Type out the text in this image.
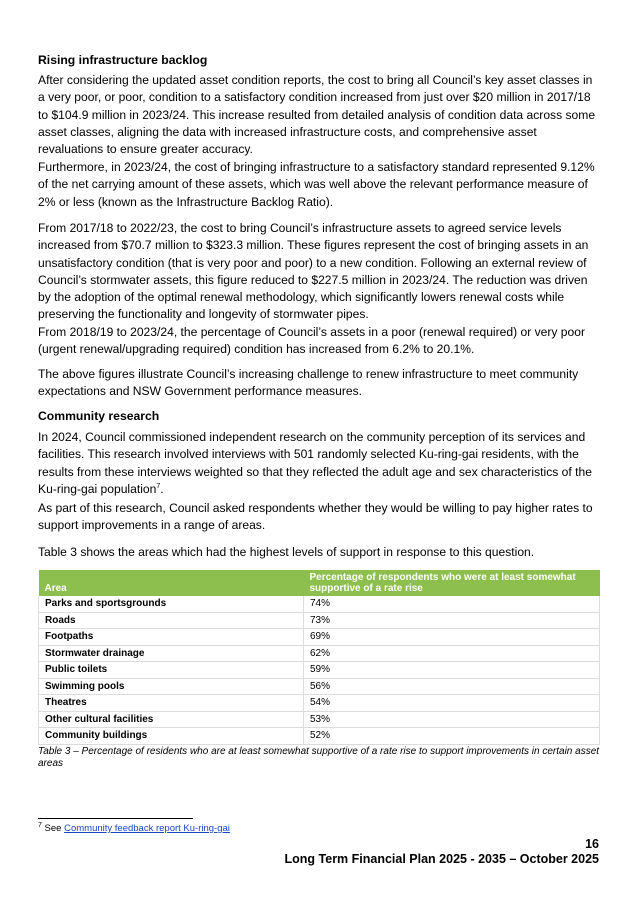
Rising infrastructure backlog

After considering the updated asset condition reports, the cost to bring all Council’s key asset classes in a very poor, or poor, condition to a satisfactory condition increased from just over $20 million in 2017/18 to $104.9 million in 2023/24. This increase resulted from detailed analysis of condition data across some asset classes, aligning the data with increased infrastructure costs, and comprehensive asset revaluations to ensure greater accuracy.

Furthermore, in 2023/24, the cost of bringing infrastructure to a satisfactory standard represented 9.12% of the net carrying amount of these assets, which was well above the relevant performance measure of 2% or less (known as the Infrastructure Backlog Ratio).

From 2017/18 to 2022/23, the cost to bring Council’s infrastructure assets to agreed service levels increased from $70.7 million to $323.3 million. These figures represent the cost of bringing assets in an unsatisfactory condition (that is very poor and poor) to a new condition. Following an external review of Council’s stormwater assets, this figure reduced to $227.5 million in 2023/24. The reduction was driven by the adoption of the optimal renewal methodology, which significantly lowers renewal costs while preserving the functionality and longevity of stormwater pipes.

From 2018/19 to 2023/24, the percentage of Council’s assets in a poor (renewal required) or very poor (urgent renewal/upgrading required) condition has increased from 6.2% to 20.1%.

The above figures illustrate Council’s increasing challenge to renew infrastructure to meet community expectations and NSW Government performance measures.

Community research

In 2024, Council commissioned independent research on the community perception of its services and facilities. This research involved interviews with 501 randomly selected Ku-ring-gai residents, with the results from these interviews weighted so that they reflected the adult age and sex characteristics of the Ku-ring-gai population$^7$.

As part of this research, Council asked respondents whether they would be willing to pay higher rates to support improvements in a range of areas.

Table 3 shows the areas which had the highest levels of support in response to this question.

Area	Percentage of respondents who were at least somewhat supportive of a rate rise
Parks and sportsgrounds	74%
Roads	73%
Footpaths	69%
Stormwater drainage	62%
Public toilets	59%
Swimming pools	56%
Theatres	54%
Other cultural facilities	53%
Community buildings	52%
Table 3 – Percentage of residents who are at least somewhat supportive of a rate rise to support improvements in certain asset areas
$^7$ See Community feedback report Ku-ring-gai
16
Long Term Financial Plan 2025 - 2035 – October 2025
